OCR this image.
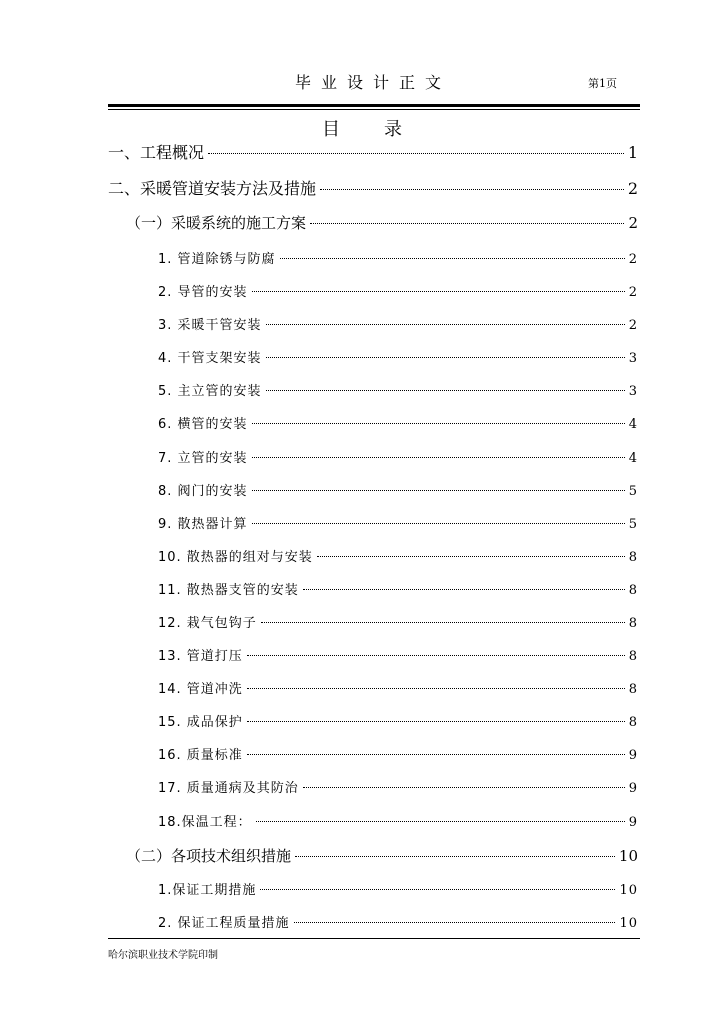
毕业设计正文	第1页
目录
一、工程概况	1
二、采暖管道安装方法及措施	2
（一）采暖系统的施工方案	2
1. 管道除锈与防腐	2
2. 导管的安装	2
3. 采暖干管安装	2
4. 干管支架安装	3
5. 主立管的安装	3
6. 横管的安装	4
7. 立管的安装	4
8. 阀门的安装	5
9. 散热器计算	5
10. 散热器的组对与安装	8
11. 散热器支管的安装	8
12. 栽气包钩子	8
13. 管道打压	8
14. 管道冲洗	8
15. 成品保护	8
16. 质量标准	9
17. 质量通病及其防治	9
18.保温工程：	9
（二）各项技术组织措施	10
1.保证工期措施	10
2. 保证工程质量措施	10
哈尔滨职业技术学院印制
